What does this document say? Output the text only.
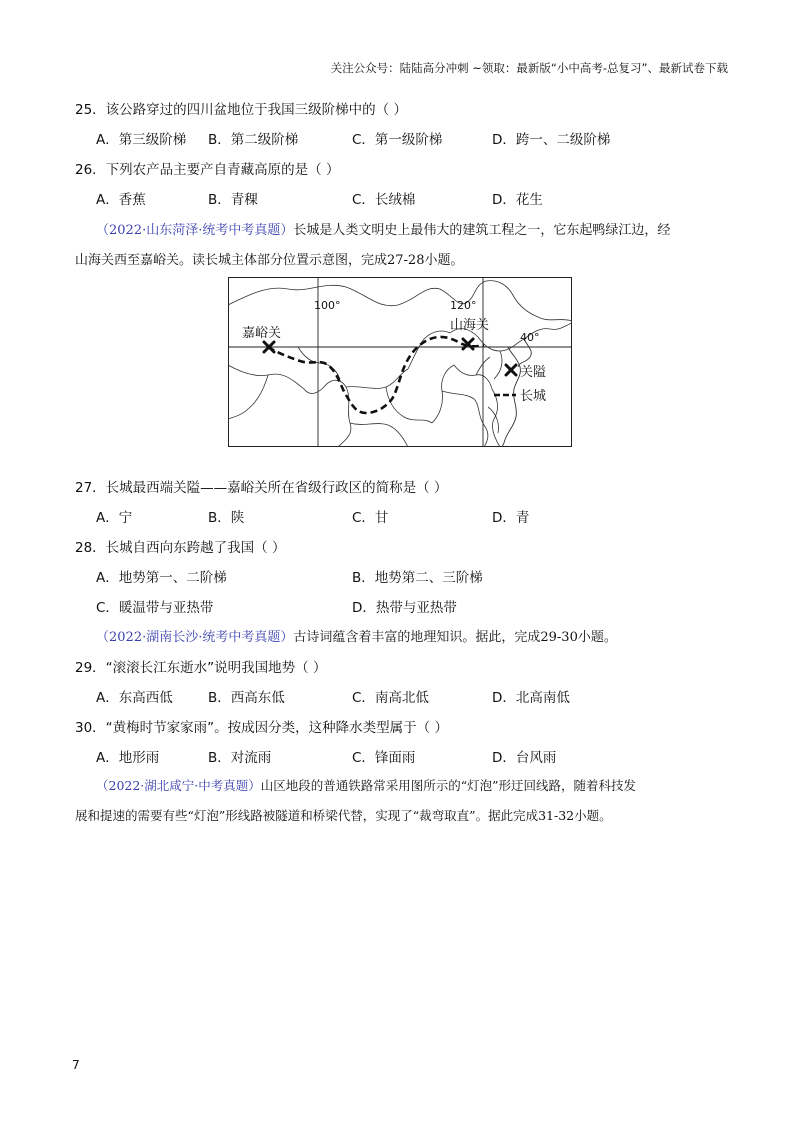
关注公众号：陆陆高分冲刺 ~领取：最新版“小中高考-总复习”、最新试卷下载
25．该公路穿过的四川盆地位于我国三级阶梯中的（ ）
A．第三级阶梯 B．第二级阶梯	C．第一级阶梯	D．跨一、二级阶梯
26．下列农产品主要产自青藏高原的是（ ）
A．香蕉	B．青稞	C．长绒棉	D．花生
（2022·山东菏泽·统考中考真题）长城是人类文明史上最伟大的建筑工程之一，它东起鸭绿江边，经
山海关西至嘉峪关。读长城主体部分位置示意图，完成27-28小题。
嘉峪关
山海关
100°	120°
40°
关隘
长城
27．长城最西端关隘——嘉峪关所在省级行政区的简称是（ ）
A．宁	B．陕	C．甘	D．青
28．长城自西向东跨越了我国（ ）
A．地势第一、二阶梯	B．地势第二、三阶梯
C．暖温带与亚热带	D．热带与亚热带
（2022·湖南长沙·统考中考真题）古诗词蕴含着丰富的地理知识。据此，完成29-30小题。
29．“滚滚长江东逝水”说明我国地势（ ）
A．东高西低	B．西高东低	C．南高北低	D．北高南低
30．“黄梅时节家家雨”。按成因分类，这种降水类型属于（ ）
A．地形雨	B．对流雨	C．锋面雨	D．台风雨
（2022·湖北咸宁·中考真题）山区地段的普通铁路常采用图所示的“灯泡”形迂回线路，随着科技发
展和提速的需要有些“灯泡”形线路被隧道和桥梁代替，实现了“裁弯取直”。据此完成31-32小题。
7
